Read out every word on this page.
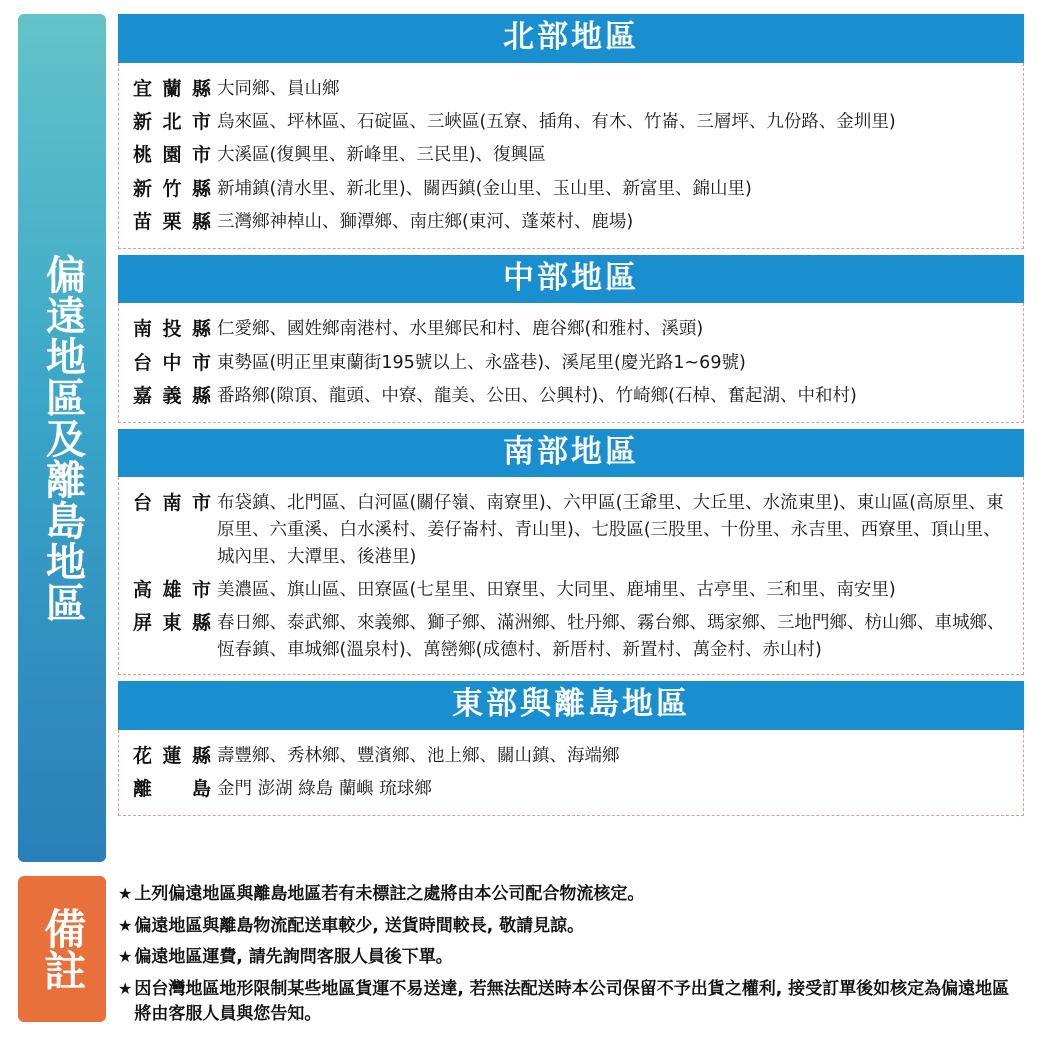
偏遠地區及離島地區
北部地區
宜蘭縣 大同鄉、員山鄉
新北市 烏來區、坪林區、石碇區、三峽區(五寮、插角、有木、竹崙、三層坪、九份路、金圳里)
桃園市 大溪區(復興里、新峰里、三民里)、復興區
新竹縣 新埔鎮(清水里、新北里)、關西鎮(金山里、玉山里、新富里、錦山里)
苗栗縣 三灣鄉神棹山、獅潭鄉、南庄鄉(東河、蓬萊村、鹿場)
中部地區
南投縣 仁愛鄉、國姓鄉南港村、水里鄉民和村、鹿谷鄉(和雅村、溪頭)
台中市 東勢區(明正里東蘭街195號以上、永盛巷)、溪尾里(慶光路1~69號)
嘉義縣 番路鄉(隙頂、龍頭、中寮、龍美、公田、公興村)、竹崎鄉(石棹、奮起湖、中和村)
南部地區
台南市 布袋鎮、北門區、白河區(關仔嶺、南寮里)、六甲區(王爺里、大丘里、水流東里)、東山區(高原里、東原里、六重溪、白水溪村、姜仔崙村、青山里)、七股區(三股里、十份里、永吉里、西寮里、頂山里、城內里、大潭里、後港里)
高雄市 美濃區、旗山區、田寮區(七星里、田寮里、大同里、鹿埔里、古亭里、三和里、南安里)
屏東縣 春日鄉、泰武鄉、來義鄉、獅子鄉、滿洲鄉、牡丹鄉、霧台鄉、瑪家鄉、三地門鄉、枋山鄉、車城鄉、恆春鎮、車城鄉(溫泉村)、萬巒鄉(成德村、新厝村、新置村、萬金村、赤山村)
東部與離島地區
花蓮縣 壽豐鄉、秀林鄉、豐濱鄉、池上鄉、關山鎮、海端鄉
離島 金門 澎湖 綠島 蘭嶼 琉球鄉
備註
★ 上列偏遠地區與離島地區若有未標註之處將由本公司配合物流核定。
★ 偏遠地區與離島物流配送車較少, 送貨時間較長, 敬請見諒。
★ 偏遠地區運費, 請先詢問客服人員後下單。
★ 因台灣地區地形限制某些地區貨運不易送達, 若無法配送時本公司保留不予出貨之權利, 接受訂單後如核定為偏遠地區將由客服人員與您告知。
